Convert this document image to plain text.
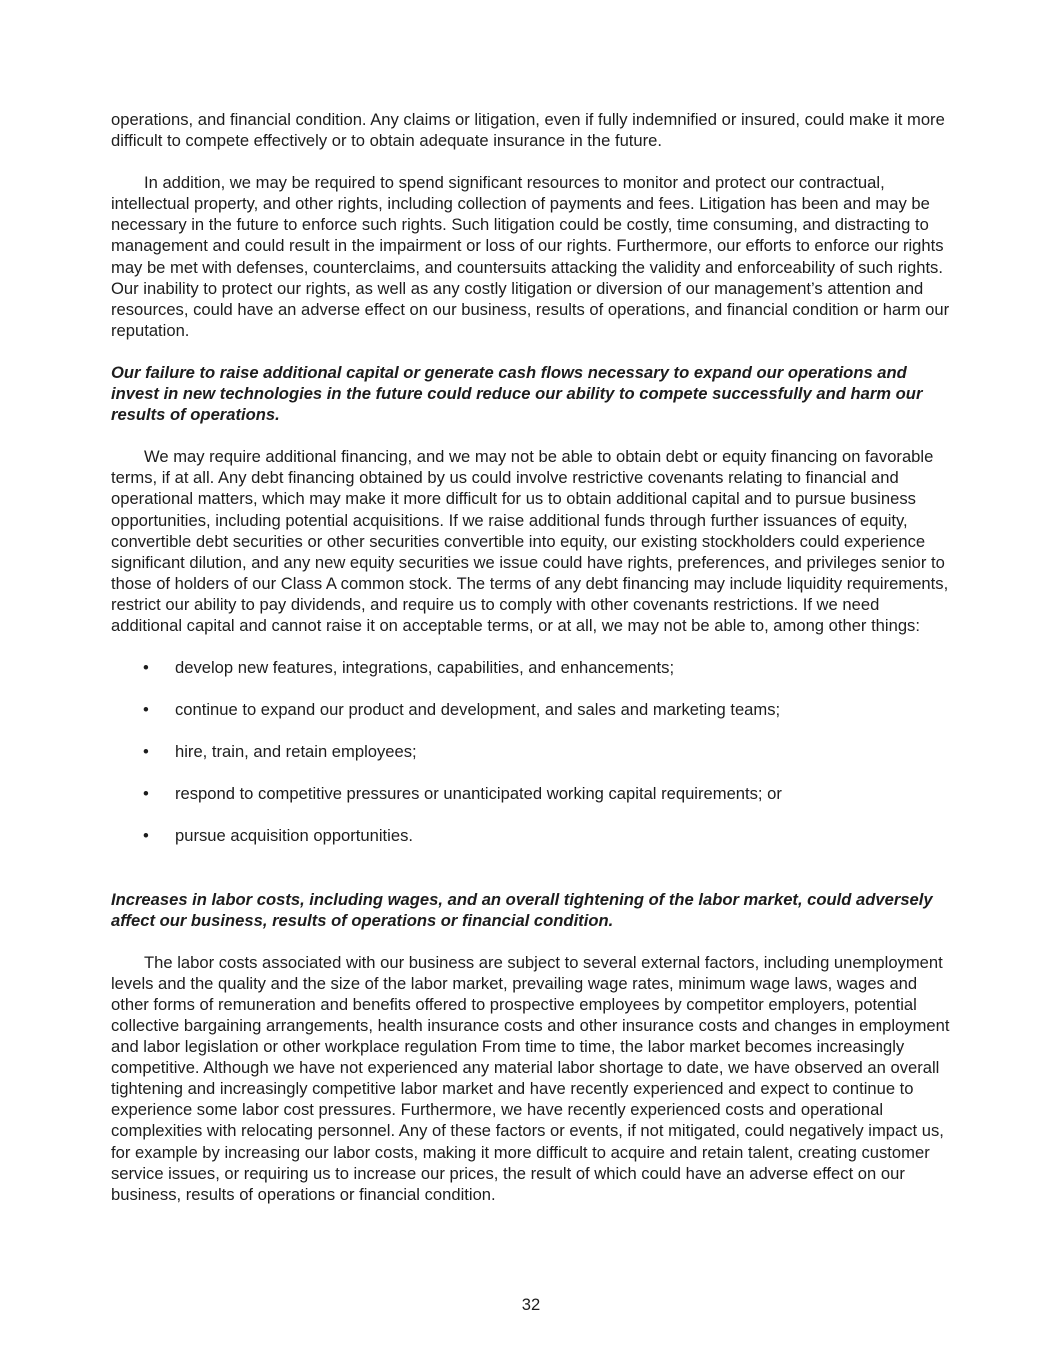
operations, and financial condition. Any claims or litigation, even if fully indemnified or insured, could make it more difficult to compete effectively or to obtain adequate insurance in the future.

In addition, we may be required to spend significant resources to monitor and protect our contractual, intellectual property, and other rights, including collection of payments and fees. Litigation has been and may be necessary in the future to enforce such rights. Such litigation could be costly, time consuming, and distracting to management and could result in the impairment or loss of our rights. Furthermore, our efforts to enforce our rights may be met with defenses, counterclaims, and countersuits attacking the validity and enforceability of such rights. Our inability to protect our rights, as well as any costly litigation or diversion of our management’s attention and resources, could have an adverse effect on our business, results of operations, and financial condition or harm our reputation.

Our failure to raise additional capital or generate cash flows necessary to expand our operations and invest in new technologies in the future could reduce our ability to compete successfully and harm our results of operations.

We may require additional financing, and we may not be able to obtain debt or equity financing on favorable terms, if at all. Any debt financing obtained by us could involve restrictive covenants relating to financial and operational matters, which may make it more difficult for us to obtain additional capital and to pursue business opportunities, including potential acquisitions. If we raise additional funds through further issuances of equity, convertible debt securities or other securities convertible into equity, our existing stockholders could experience significant dilution, and any new equity securities we issue could have rights, preferences, and privileges senior to those of holders of our Class A common stock. The terms of any debt financing may include liquidity requirements, restrict our ability to pay dividends, and require us to comply with other covenants restrictions. If we need additional capital and cannot raise it on acceptable terms, or at all, we may not be able to, among other things:

• develop new features, integrations, capabilities, and enhancements;
• continue to expand our product and development, and sales and marketing teams;
• hire, train, and retain employees;
• respond to competitive pressures or unanticipated working capital requirements; or
• pursue acquisition opportunities.

Increases in labor costs, including wages, and an overall tightening of the labor market, could adversely affect our business, results of operations or financial condition.

The labor costs associated with our business are subject to several external factors, including unemployment levels and the quality and the size of the labor market, prevailing wage rates, minimum wage laws, wages and other forms of remuneration and benefits offered to prospective employees by competitor employers, potential collective bargaining arrangements, health insurance costs and other insurance costs and changes in employment and labor legislation or other workplace regulation From time to time, the labor market becomes increasingly competitive. Although we have not experienced any material labor shortage to date, we have observed an overall tightening and increasingly competitive labor market and have recently experienced and expect to continue to experience some labor cost pressures. Furthermore, we have recently experienced costs and operational complexities with relocating personnel. Any of these factors or events, if not mitigated, could negatively impact us, for example by increasing our labor costs, making it more difficult to acquire and retain talent, creating customer service issues, or requiring us to increase our prices, the result of which could have an adverse effect on our business, results of operations or financial condition.

32
